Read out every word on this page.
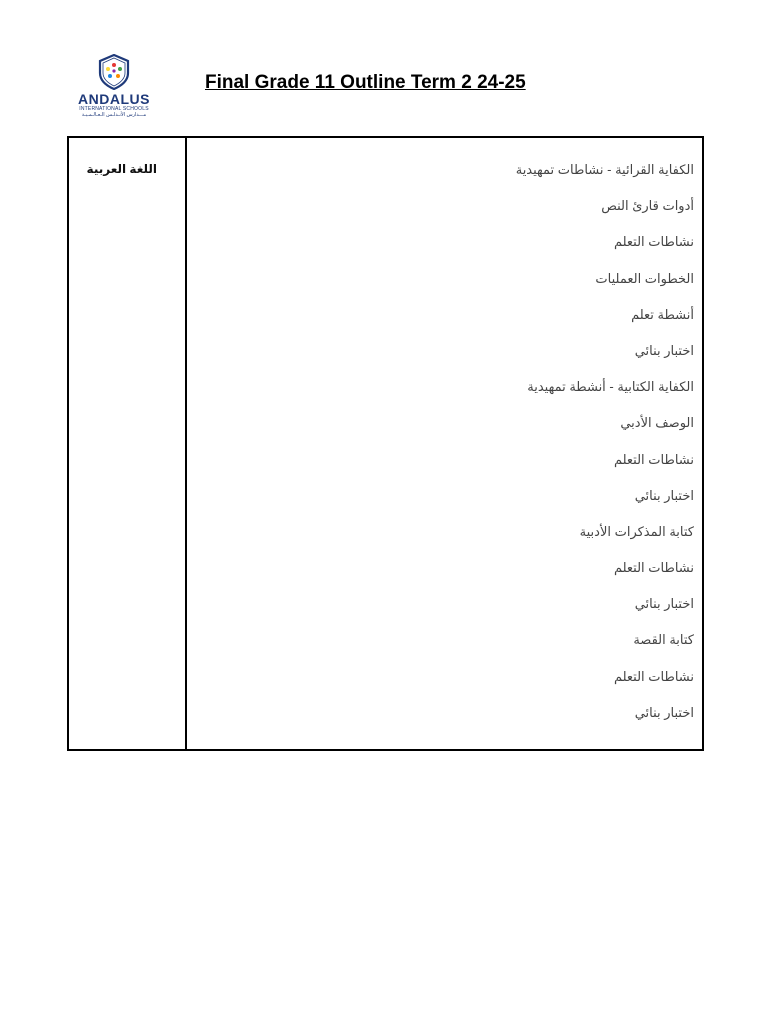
ANDALUS
INTERNATIONAL SCHOOLS
مـــدارس الأنـدلـس الـعـالـمـيـة
Final Grade 11 Outline Term 2 24-25
اللغة العربية	الكفاية القرائية - نشاطات تمهيدية
أدوات قارئ النص
نشاطات التعلم
الخطوات العمليات
أنشطة تعلم
اختبار بنائي
الكفاية الكتابية - أنشطة تمهيدية
الوصف الأدبي
نشاطات التعلم
اختبار بنائي
كتابة المذكرات الأدبية
نشاطات التعلم
اختبار بنائي
كتابة القصة
نشاطات التعلم
اختبار بنائي
